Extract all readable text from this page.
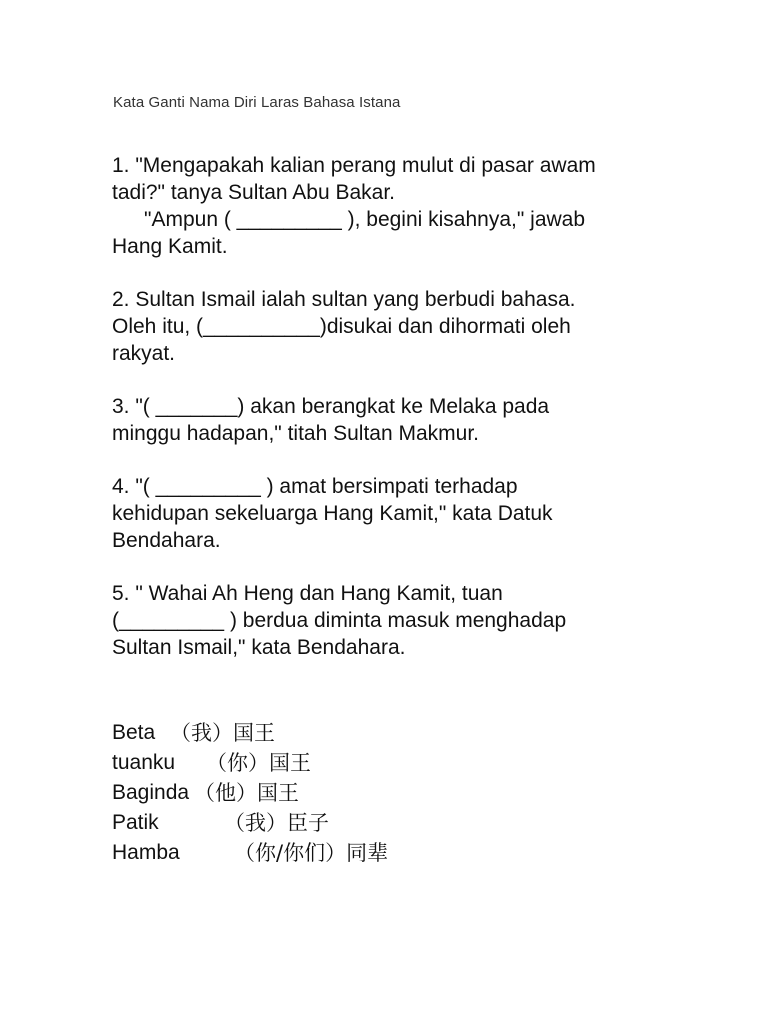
Kata Ganti Nama Diri Laras Bahasa Istana
1. "Mengapakah kalian perang mulut di pasar awam
tadi?" tanya Sultan Abu Bakar.
"Ampun ( _________ ), begini kisahnya," jawab
Hang Kamit.
2. Sultan Ismail ialah sultan yang berbudi bahasa.
Oleh itu, (__________)disukai dan dihormati oleh
rakyat.
3. "( _______) akan berangkat ke Melaka pada
minggu hadapan," titah Sultan Makmur.
4. "( _________ ) amat bersimpati terhadap
kehidupan sekeluarga Hang Kamit," kata Datuk
Bendahara.
5. " Wahai Ah Heng dan Hang Kamit, tuan
(_________ ) berdua diminta masuk menghadap
Sultan Ismail," kata Bendahara.
Beta （我）国王
tuanku	（你）国王
Baginda （他）国王
Patik	（我）臣子
Hamba	（你/你们）同辈
